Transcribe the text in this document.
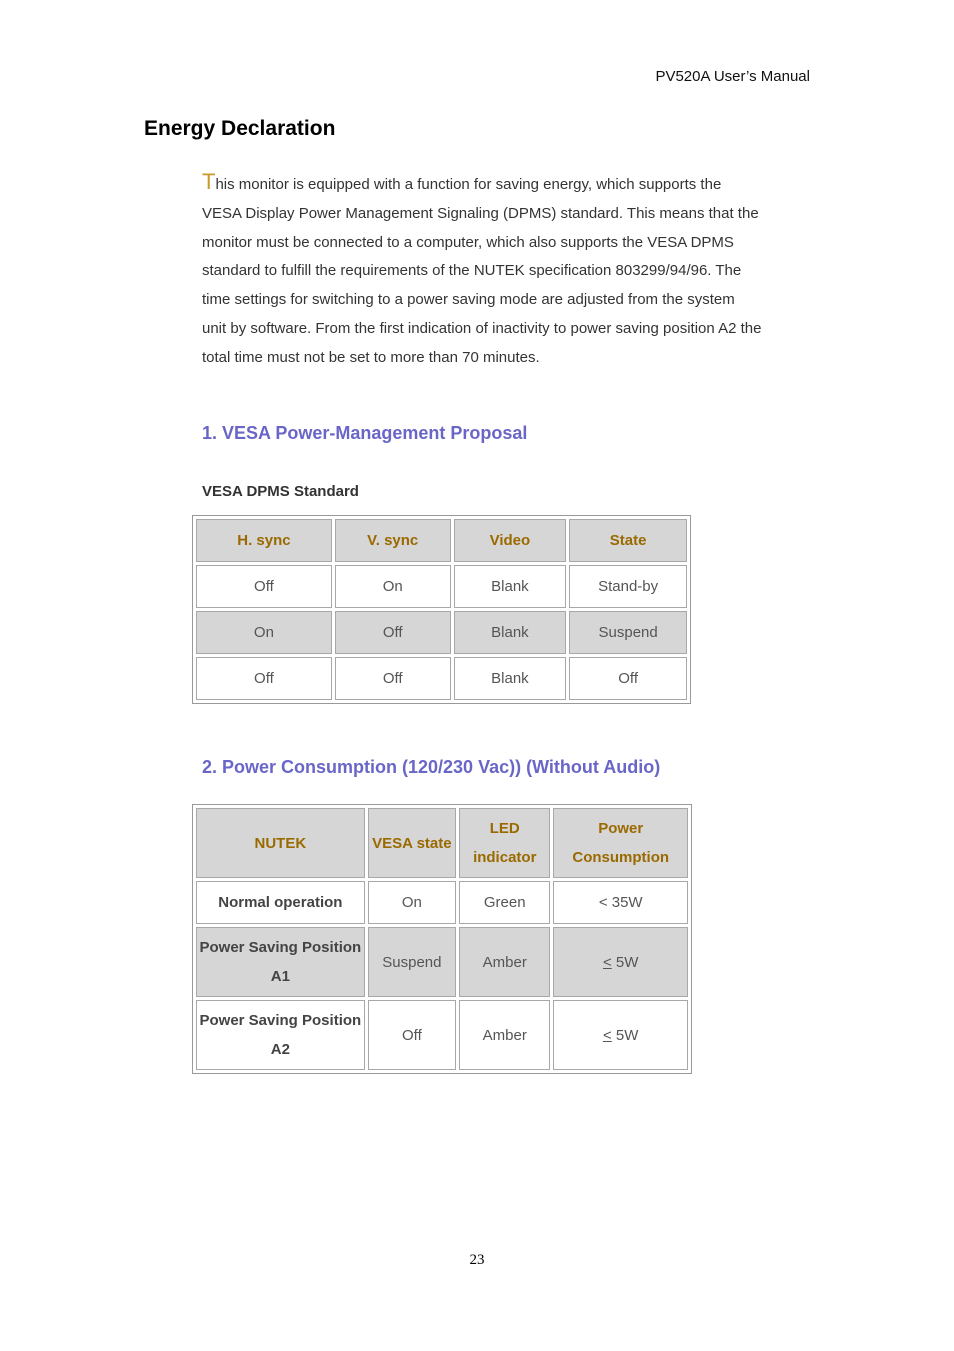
PV520A User’s Manual
Energy Declaration
This monitor is equipped with a function for saving energy, which supports the VESA Display Power Management Signaling (DPMS) standard. This means that the monitor must be connected to a computer, which also supports the VESA DPMS standard to fulfill the requirements of the NUTEK specification 803299/94/96. The time settings for switching to a power saving mode are adjusted from the system unit by software. From the first indication of inactivity to power saving position A2 the total time must not be set to more than 70 minutes.
1. VESA Power-Management Proposal
VESA DPMS Standard
H. sync	V. sync	Video	State
Off	On	Blank	Stand-by
On	Off	Blank	Suspend
Off	Off	Blank	Off
2. Power Consumption (120/230 Vac)) (Without Audio)
NUTEK	VESA state	LED indicator	Power Consumption
Normal operation	On	Green	< 35W
Power Saving Position A1	Suspend	Amber	≤ 5W
Power Saving Position A2	Off	Amber	≤ 5W
23
